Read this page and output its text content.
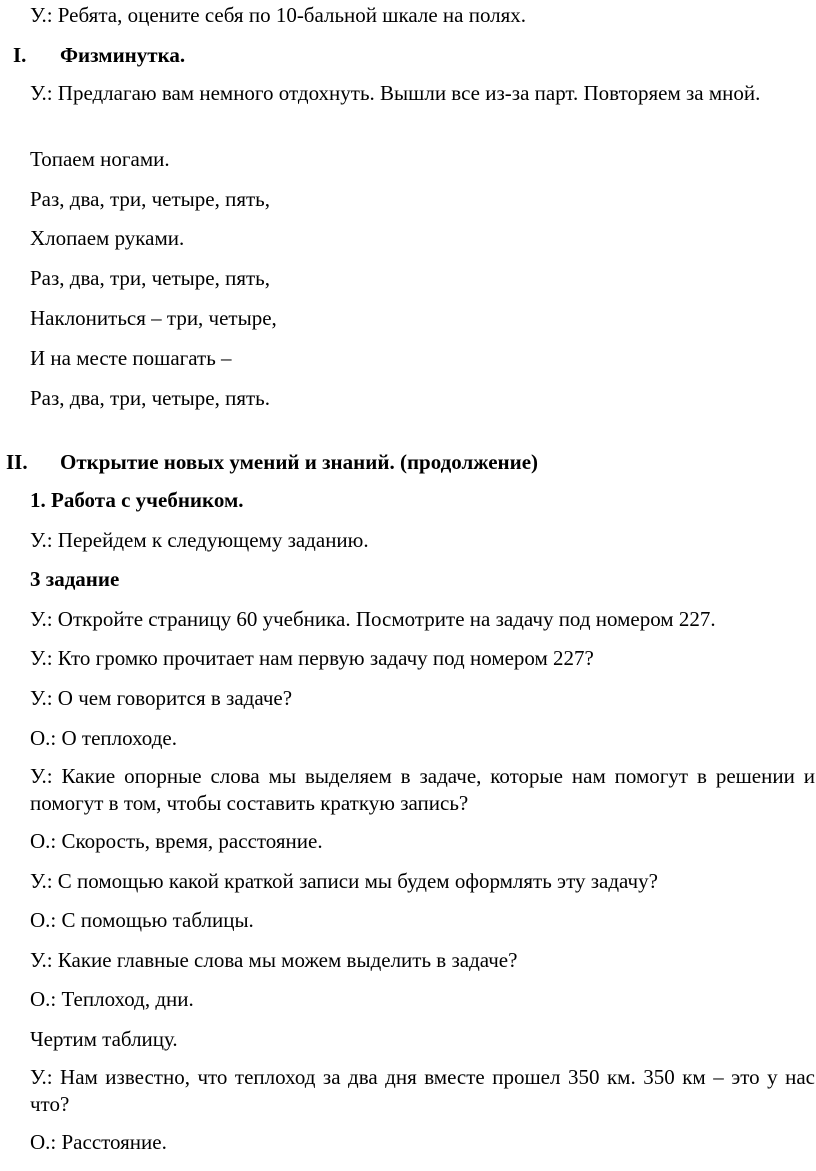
У.: Ребята, оцените себя по 10-бальной шкале на полях.
I. Физминутка.
У.: Предлагаю вам немного отдохнуть. Вышли все из-за парт. Повторяем за мной.
Топаем ногами.
Раз, два, три, четыре, пять,
Хлопаем руками.
Раз, два, три, четыре, пять,
Наклониться – три, четыре,
И на месте пошагать –
Раз, два, три, четыре, пять.
II. Открытие новых умений и знаний. (продолжение)
1. Работа с учебником.
У.: Перейдем к следующему заданию.
3 задание
У.: Откройте страницу 60 учебника. Посмотрите на задачу под номером 227.
У.: Кто громко прочитает нам первую задачу под номером 227?
У.: О чем говорится в задаче?
О.: О теплоходе.
У.: Какие опорные слова мы выделяем в задаче, которые нам помогут в решении и помогут в том, чтобы составить краткую запись?
О.: Скорость, время, расстояние.
У.: С помощью какой краткой записи мы будем оформлять эту задачу?
О.: С помощью таблицы.
У.: Какие главные слова мы можем выделить в задаче?
О.: Теплоход, дни.
Чертим таблицу.
У.: Нам известно, что теплоход за два дня вместе прошел 350 км. 350 км – это у нас что?
О.: Расстояние.
